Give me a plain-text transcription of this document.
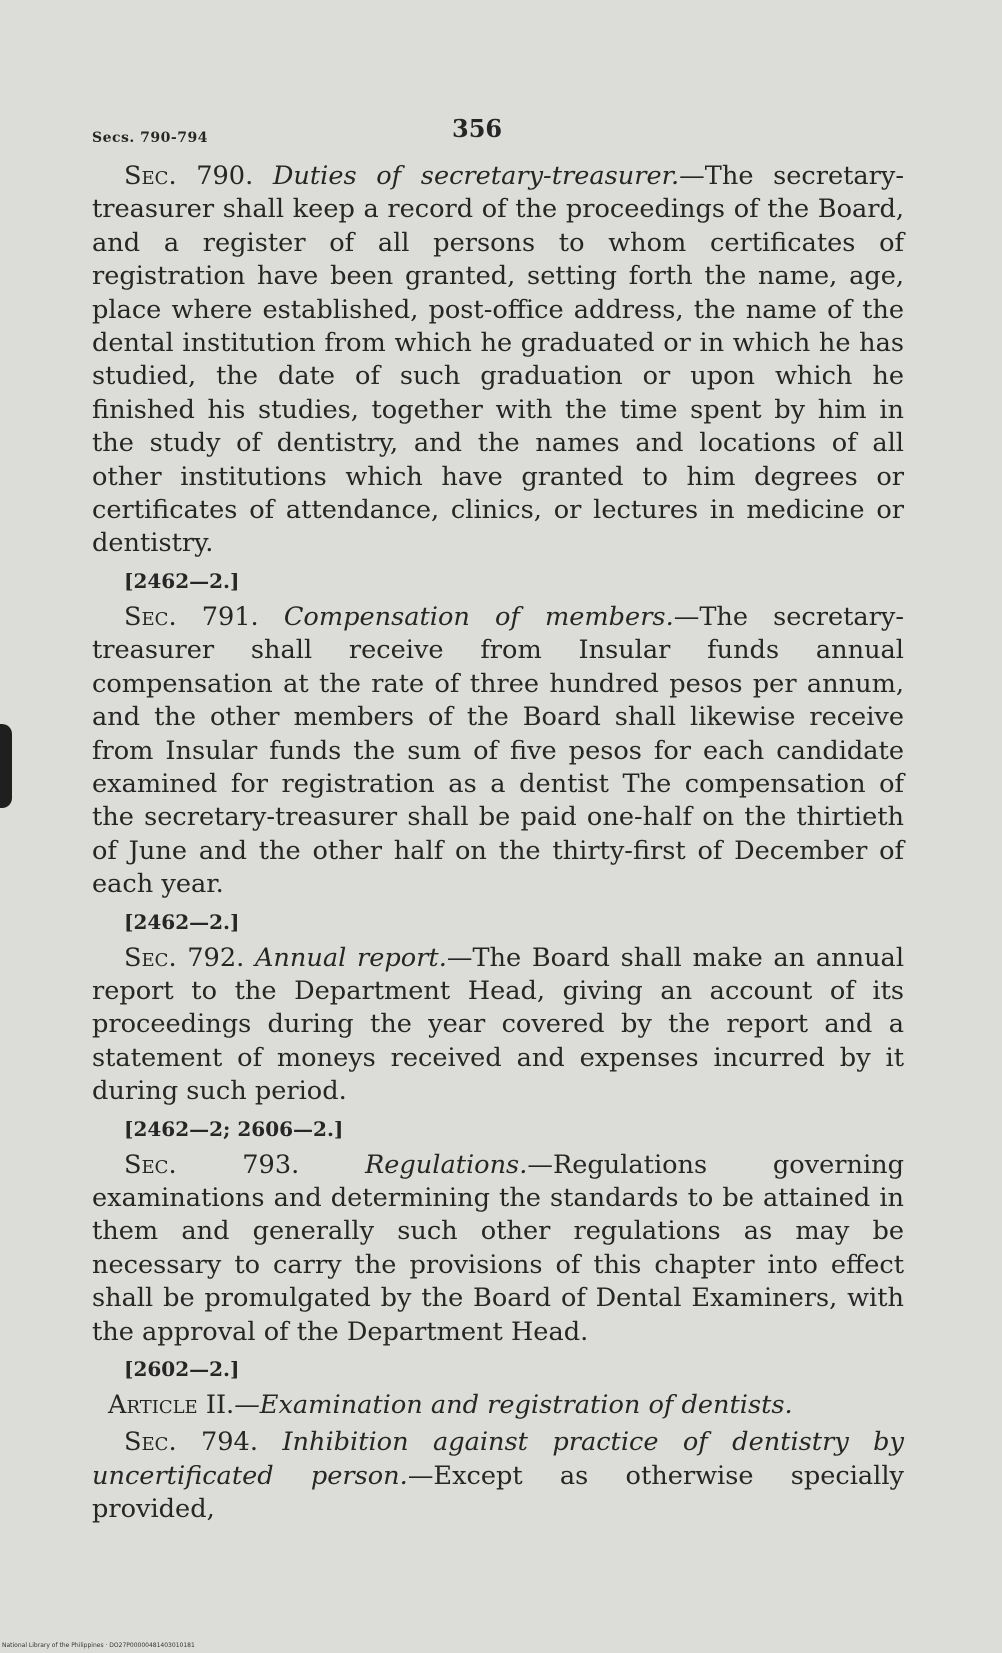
Secs. 790-794	356

Sec. 790. Duties of secretary-treasurer.—The secretary-treasurer shall keep a record of the proceedings of the Board, and a register of all persons to whom certificates of registration have been granted, setting forth the name, age, place where established, post-office address, the name of the dental institution from which he graduated or in which he has studied, the date of such graduation or upon which he finished his studies, together with the time spent by him in the study of dentistry, and the names and locations of all other institutions which have granted to him degrees or certificates of attendance, clinics, or lectures in medicine or dentistry.

[2462—2.]

Sec. 791. Compensation of members.—The secretary-treasurer shall receive from Insular funds annual compensation at the rate of three hundred pesos per annum, and the other members of the Board shall likewise receive from Insular funds the sum of five pesos for each candidate examined for registration as a dentist The compensation of the secretary-treasurer shall be paid one-half on the thirtieth of June and the other half on the thirty-first of December of each year.

[2462—2.]

Sec. 792. Annual report.—The Board shall make an annual report to the Department Head, giving an account of its proceedings during the year covered by the report and a statement of moneys received and expenses incurred by it during such period.

[2462—2; 2606—2.]

Sec. 793.	Regulations.—Regulations governing examinations and determining the standards to be attained in them and generally such other regulations as may be necessary to carry the provisions of this chapter into effect shall be promulgated by the Board of Dental Examiners, with the approval of the Department Head.

[2602—2.]

Article II.—Examination and registration of dentists.

Sec. 794. Inhibition against practice of dentistry by uncertificated person.—Except as otherwise specially provided,

National Library of the Philippines · DO27P00000481403010181
